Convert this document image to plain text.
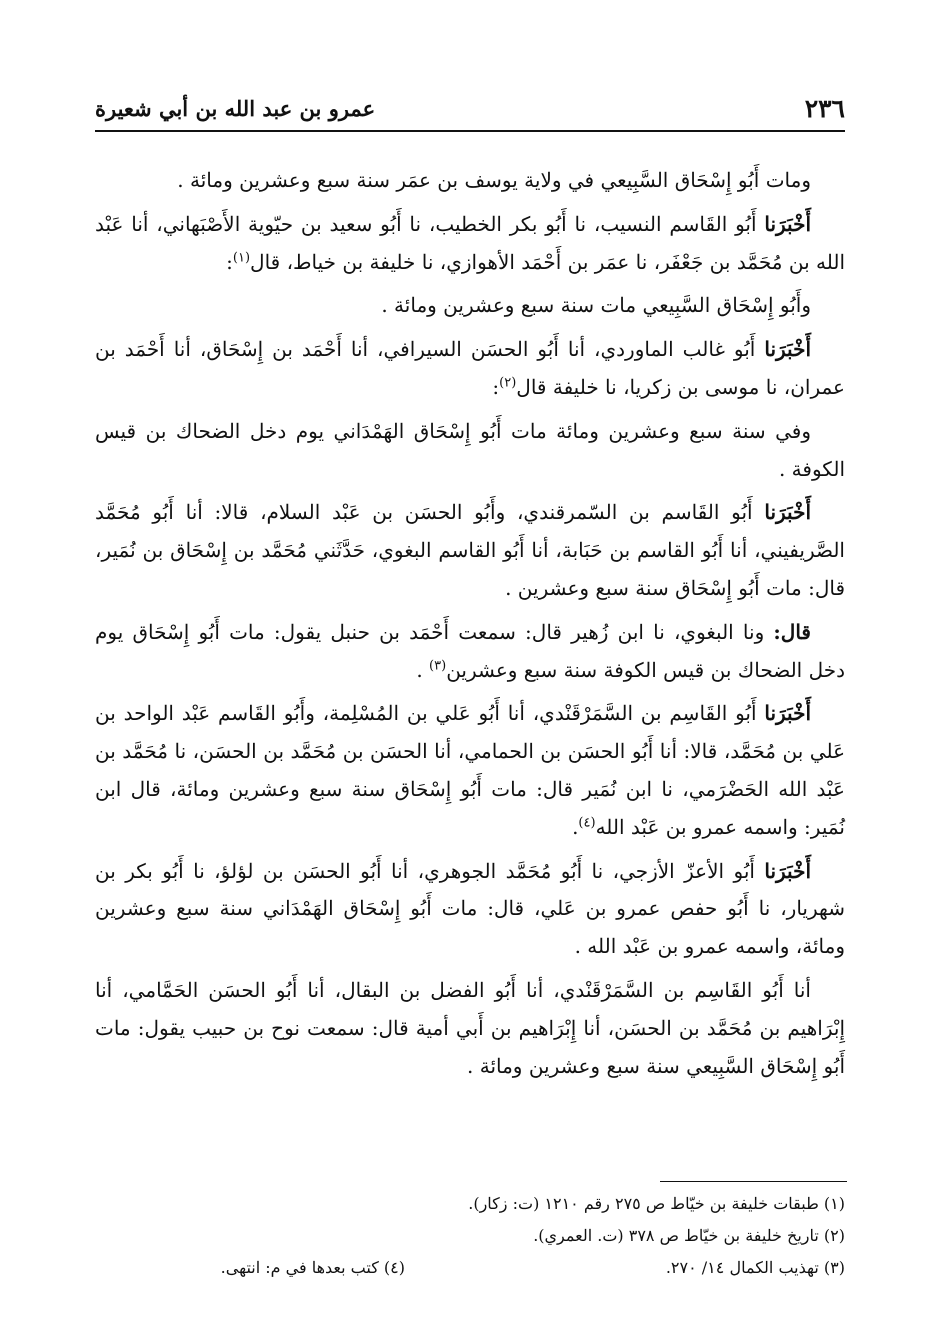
٢٣٦
عمرو بن عبد الله بن أبي شعيرة

ومات أَبُو إِسْحَاق السَّبِيعي في ولاية يوسف بن عمَر سنة سبع وعشرين ومائة .

أَخْبَرَنا أَبُو القَاسم النسيب، نا أَبُو بكر الخطيب، نا أَبُو سعيد بن حيّوية الأَصْبَهاني، أنا عَبْد الله بن مُحَمَّد بن جَعْفَر، نا عمَر بن أَحْمَد الأهوازي، نا خليفة بن خياط، قال$^{(١)}$:

وأَبُو إِسْحَاق السَّبِيعي مات سنة سبع وعشرين ومائة .

أَخْبَرَنا أَبُو غالب الماوردي، أنا أَبُو الحسَن السيرافي، أنا أَحْمَد بن إِسْحَاق، أنا أَحْمَد بن عمران، نا موسى بن زكريا، نا خليفة قال$^{(٢)}$:

وفي سنة سبع وعشرين ومائة مات أَبُو إِسْحَاق الهَمْدَاني يوم دخل الضحاك بن قيس الكوفة .

أَخْبَرَنا أَبُو القَاسم بن السّمرقندي، وأَبُو الحسَن بن عَبْد السلام، قالا: أنا أَبُو مُحَمَّد الصَّريفيني، أنا أَبُو القاسم بن حَبَابة، أنا أَبُو القاسم البغوي، حَدَّثَني مُحَمَّد بن إِسْحَاق بن نُمَير، قال: مات أَبُو إِسْحَاق سنة سبع وعشرين .

قال: ونا البغوي، نا ابن زُهير قال: سمعت أَحْمَد بن حنبل يقول: مات أَبُو إِسْحَاق يوم دخل الضحاك بن قيس الكوفة سنة سبع وعشرين$^{(٣)}$ .

أَخْبَرَنا أَبُو القَاسِم بن السَّمَرْقَنْدي، أنا أَبُو عَلي بن المُسْلِمة، وأَبُو القَاسم عَبْد الواحد بن عَلي بن مُحَمَّد، قالا: أنا أَبُو الحسَن بن الحمامي، أنا الحسَن بن مُحَمَّد بن الحسَن، نا مُحَمَّد بن عَبْد الله الحَضْرَمي، نا ابن نُمَير قال: مات أَبُو إِسْحَاق سنة سبع وعشرين ومائة، قال ابن نُمَير: واسمه عمرو بن عَبْد الله$^{(٤)}$.

أَخْبَرَنا أَبُو الأعزّ الأزجي، نا أَبُو مُحَمَّد الجوهري، أنا أَبُو الحسَن بن لؤلؤ، نا أَبُو بكر بن شهريار، نا أَبُو حفص عمرو بن عَلي، قال: مات أَبُو إِسْحَاق الهَمْدَاني سنة سبع وعشرين ومائة، واسمه عمرو بن عَبْد الله .

أنا أَبُو القَاسِم بن السَّمَرْقَنْدي، أنا أَبُو الفضل بن البقال، أنا أَبُو الحسَن الحَمَّامي، أنا إِبْرَاهيم بن مُحَمَّد بن الحسَن، أنا إِبْرَاهيم بن أَبي أمية قال: سمعت نوح بن حبيب يقول: مات أَبُو إِسْحَاق السَّبِيعي سنة سبع وعشرين ومائة .

(١) طبقات خليفة بن خيّاط ص ٢٧٥ رقم ١٢١٠ (ت: زكار).
(٢) تاريخ خليفة بن خيّاط ص ٣٧٨ (ت. العمري).
(٣) تهذيب الكمال ١٤/ ٢٧٠.
(٤) كتب بعدها في م: انتهى.
